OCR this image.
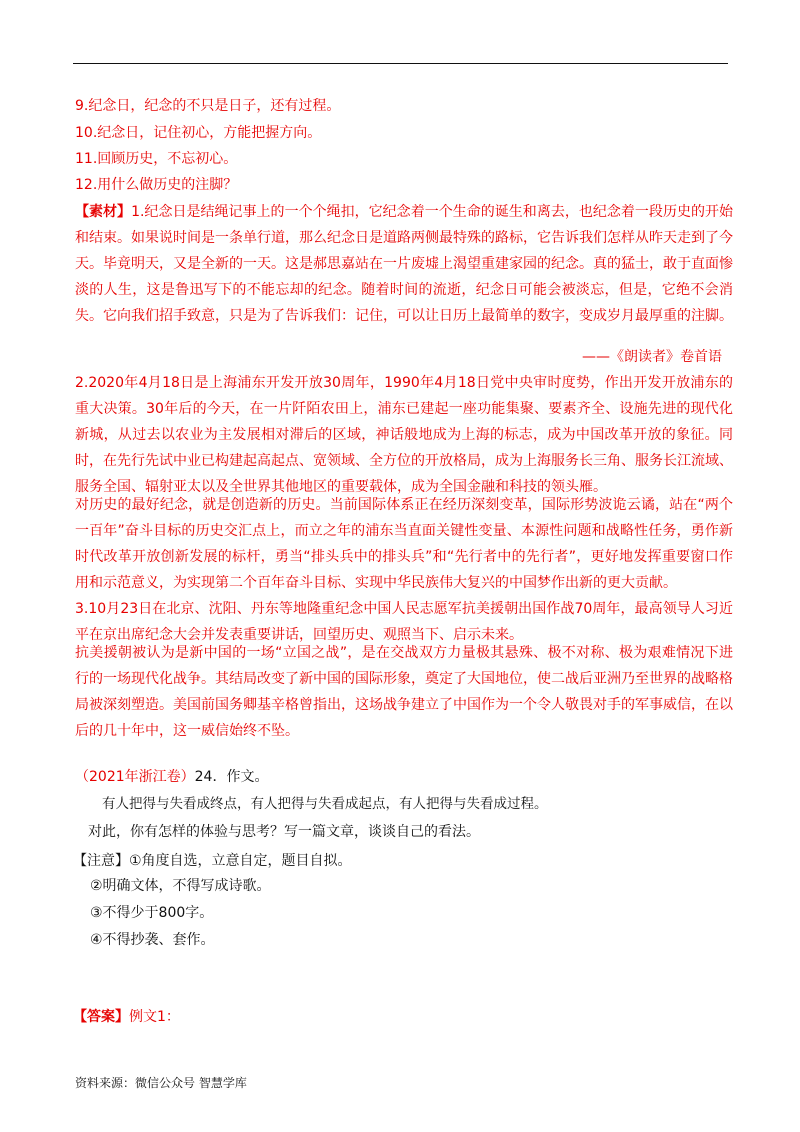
9.纪念日，纪念的不只是日子，还有过程。
10.纪念日，记住初心，方能把握方向。
11.回顾历史，不忘初心。
12.用什么做历史的注脚？
【素材】1.纪念日是结绳记事上的一个个绳扣，它纪念着一个生命的诞生和离去，也纪念着一段历史的开始和结束。如果说时间是一条单行道，那么纪念日是道路两侧最特殊的路标，它告诉我们怎样从昨天走到了今天。毕竟明天，又是全新的一天。这是郝思嘉站在一片废墟上渴望重建家园的纪念。真的猛士，敢于直面惨淡的人生，这是鲁迅写下的不能忘却的纪念。随着时间的流逝，纪念日可能会被淡忘，但是，它绝不会消失。它向我们招手致意，只是为了告诉我们：记住，可以让日历上最简单的数字，变成岁月最厚重的注脚。
——《朗读者》卷首语
2.2020年4月18日是上海浦东开发开放30周年，1990年4月18日党中央审时度势，作出开发开放浦东的重大决策。30年后的今天，在一片阡陌农田上，浦东已建起一座功能集聚、要素齐全、设施先进的现代化新城，从过去以农业为主发展相对滞后的区域，神话般地成为上海的标志，成为中国改革开放的象征。同时，在先行先试中业已构建起高起点、宽领域、全方位的开放格局，成为上海服务长三角、服务长江流域、服务全国、辐射亚太以及全世界其他地区的重要载体，成为全国金融和科技的领头雁。
对历史的最好纪念，就是创造新的历史。当前国际体系正在经历深刻变革，国际形势波诡云谲，站在“两个一百年”奋斗目标的历史交汇点上，而立之年的浦东当直面关键性变量、本源性问题和战略性任务，勇作新时代改革开放创新发展的标杆，勇当“排头兵中的排头兵”和“先行者中的先行者”，更好地发挥重要窗口作用和示范意义，为实现第二个百年奋斗目标、实现中华民族伟大复兴的中国梦作出新的更大贡献。
3.10月23日在北京、沈阳、丹东等地隆重纪念中国人民志愿军抗美援朝出国作战70周年，最高领导人习近平在京出席纪念大会并发表重要讲话，回望历史、观照当下、启示未来。
抗美援朝被认为是新中国的一场“立国之战”，是在交战双方力量极其悬殊、极不对称、极为艰难情况下进行的一场现代化战争。其结局改变了新中国的国际形象，奠定了大国地位，使二战后亚洲乃至世界的战略格局被深刻塑造。美国前国务卿基辛格曾指出，这场战争建立了中国作为一个令人敬畏对手的军事威信，在以后的几十年中，这一威信始终不坠。
（2021年浙江卷）24．作文。
有人把得与失看成终点，有人把得与失看成起点，有人把得与失看成过程。
对此，你有怎样的体验与思考？写一篇文章，谈谈自己的看法。
【注意】①角度自选，立意自定，题目自拟。
②明确文体，不得写成诗歌。
③不得少于800字。
④不得抄袭、套作。
【答案】例文1：
资料来源：微信公众号 智慧学库
